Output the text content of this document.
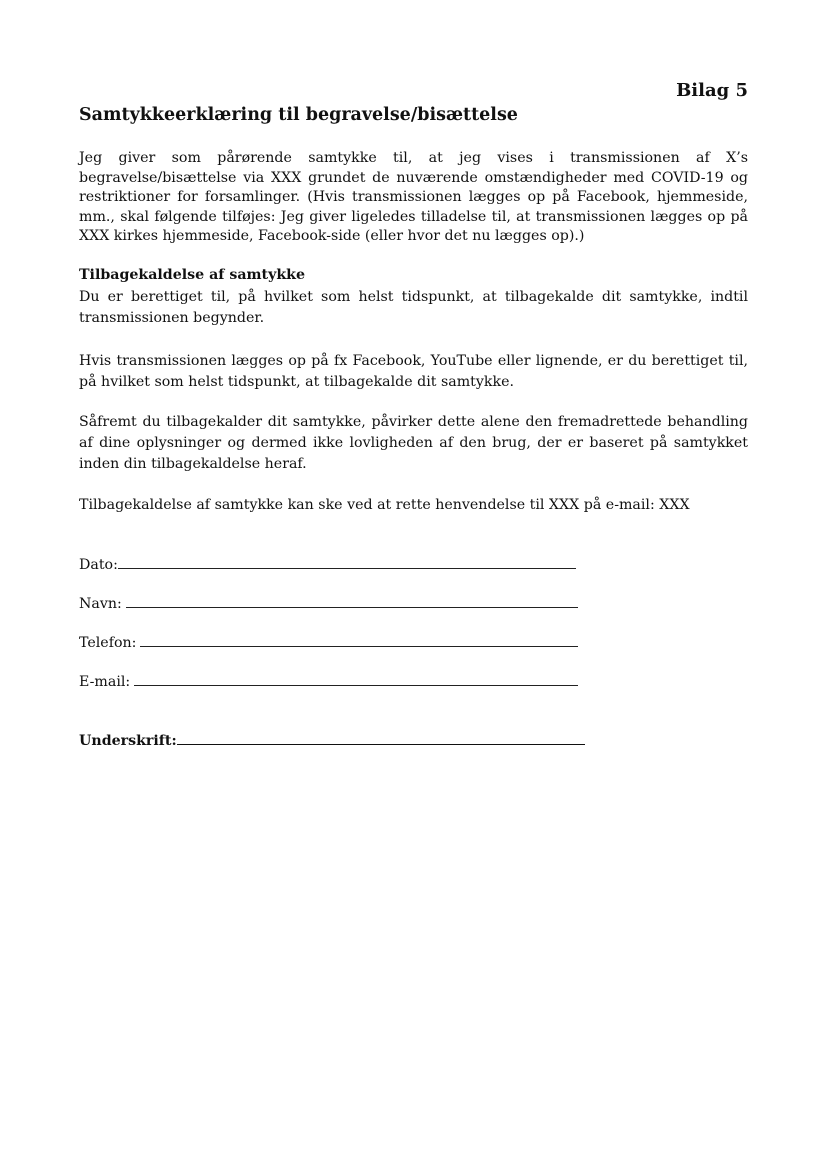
Bilag 5
Samtykkeerklæring til begravelse/bisættelse

Jeg giver som pårørende samtykke til, at jeg vises i transmissionen af X’s begravelse/bisættelse via XXX grundet de nuværende omstændigheder med COVID-19 og restriktioner for forsamlinger. (Hvis transmissionen lægges op på Facebook, hjemmeside, mm., skal følgende tilføjes: Jeg giver ligeledes tilladelse til, at transmissionen lægges op på XXX kirkes hjemmeside, Facebook-side (eller hvor det nu lægges op).)

Tilbagekaldelse af samtykke

Du er berettiget til, på hvilket som helst tidspunkt, at tilbagekalde dit samtykke, indtil transmissionen begynder.

Hvis transmissionen lægges op på fx Facebook, YouTube eller lignende, er du berettiget til, på hvilket som helst tidspunkt, at tilbagekalde dit samtykke.

Såfremt du tilbagekalder dit samtykke, påvirker dette alene den fremadrettede behandling af dine oplysninger og dermed ikke lovligheden af den brug, der er baseret på samtykket inden din tilbagekaldelse heraf.

Tilbagekaldelse af samtykke kan ske ved at rette henvendelse til XXX på e-mail: XXX

Dato:
Navn:
Telefon:
E-mail:
Underskrift:
